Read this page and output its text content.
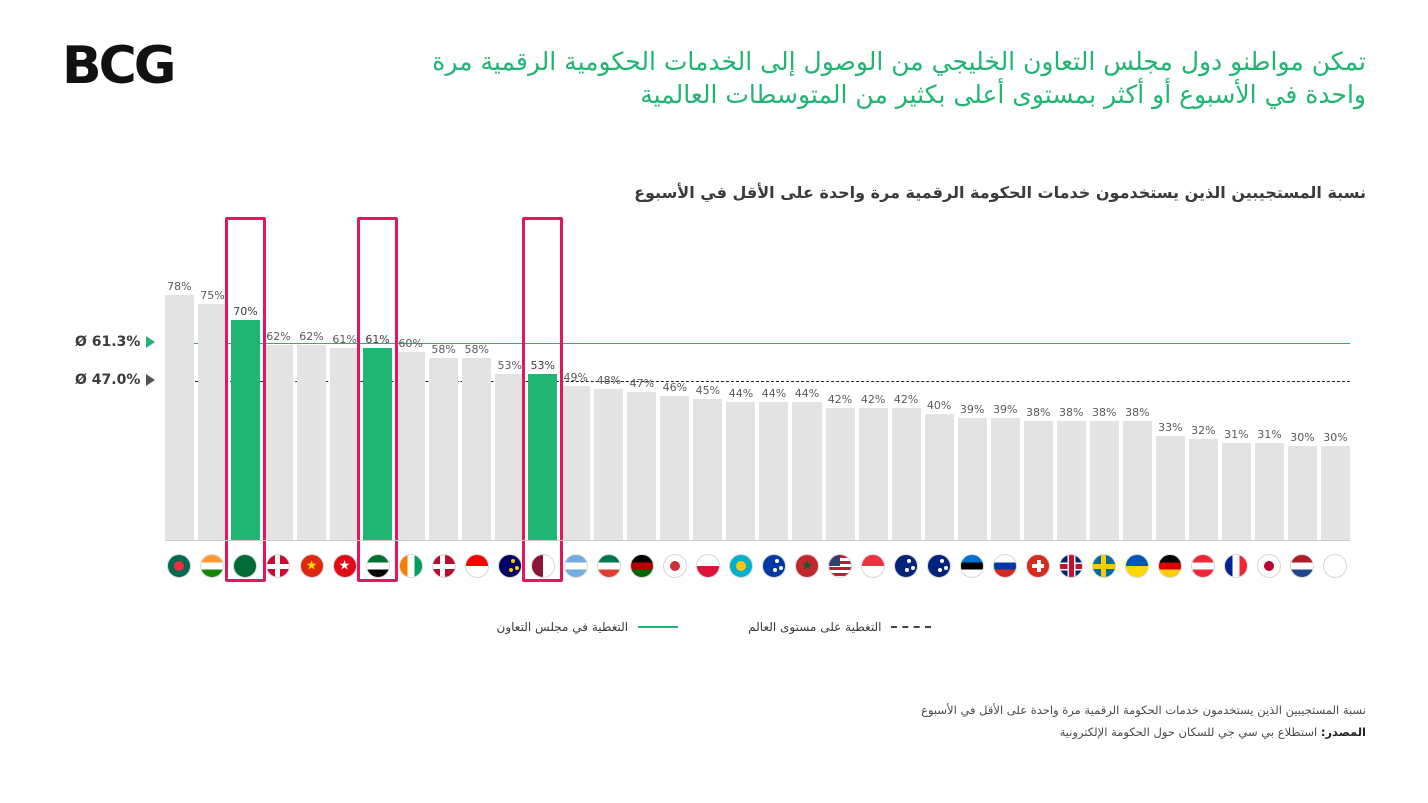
BCG	تمكن مواطنو دول مجلس التعاون الخليجي من الوصول إلى الخدمات الحكومية الرقمية مرة واحدة في الأسبوع أو أكثر بمستوى أعلى بكثير من المتوسطات العالمية
نسبة المستجيبين الذين يستخدمون خدمات الحكومة الرقمية مرة واحدة على الأقل في الأسبوع
Ø 61.3%
Ø 47.0%
30%
30%
31%
31%
32%
33%
38%
38%
38%
38%
39%
39%
40%
42%
42%
42%
44%
44%
44%
45%
46%
47%
48%
49%
53%
53%
58%
58%
60%
61%
61%
62%
62%
70%
75%
78%
★
★
★
التغطية في مجلس التعاون	التغطية على مستوى العالم
نسبة المستجيبين الذين يستخدمون خدمات الحكومة الرقمية مرة واحدة على الأقل في الأسبوع
المصدر: استطلاع بي سي جي للسكان حول الحكومة الإلكترونية
